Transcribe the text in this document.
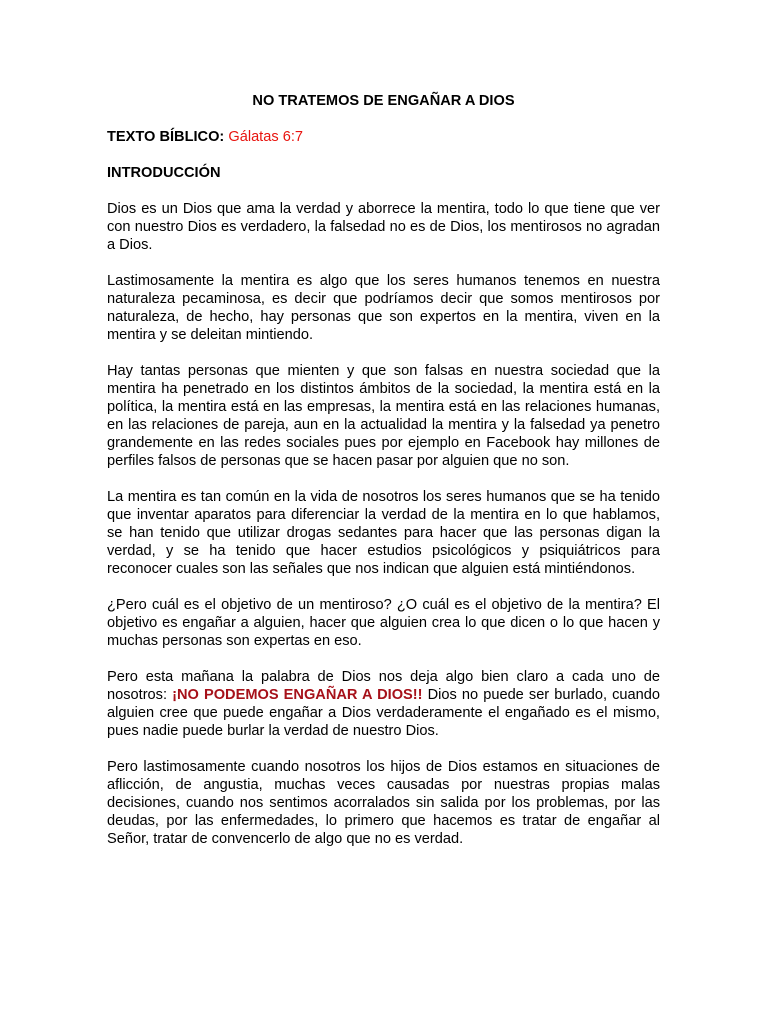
NO TRATEMOS DE ENGAÑAR A DIOS
TEXTO BÍBLICO: Gálatas 6:7
INTRODUCCIÓN

Dios es un Dios que ama la verdad y aborrece la mentira, todo lo que tiene que ver con nuestro Dios es verdadero, la falsedad no es de Dios, los mentirosos no agradan a Dios.

Lastimosamente la mentira es algo que los seres humanos tenemos en nuestra naturaleza pecaminosa, es decir que podríamos decir que somos mentirosos por naturaleza, de hecho, hay personas que son expertos en la mentira, viven en la mentira y se deleitan mintiendo.

Hay tantas personas que mienten y que son falsas en nuestra sociedad que la mentira ha penetrado en los distintos ámbitos de la sociedad, la mentira está en la política, la mentira está en las empresas, la mentira está en las relaciones humanas, en las relaciones de pareja, aun en la actualidad la mentira y la falsedad ya penetro grandemente en las redes sociales pues por ejemplo en Facebook hay millones de perfiles falsos de personas que se hacen pasar por alguien que no son.

La mentira es tan común en la vida de nosotros los seres humanos que se ha tenido que inventar aparatos para diferenciar la verdad de la mentira en lo que hablamos, se han tenido que utilizar drogas sedantes para hacer que las personas digan la verdad, y se ha tenido que hacer estudios psicológicos y psiquiátricos para reconocer cuales son las señales que nos indican que alguien está mintiéndonos.

¿Pero cuál es el objetivo de un mentiroso? ¿O cuál es el objetivo de la mentira? El objetivo es engañar a alguien, hacer que alguien crea lo que dicen o lo que hacen y muchas personas son expertas en eso.

Pero esta mañana la palabra de Dios nos deja algo bien claro a cada uno de nosotros: ¡NO PODEMOS ENGAÑAR A DIOS!! Dios no puede ser burlado, cuando alguien cree que puede engañar a Dios verdaderamente el engañado es el mismo, pues nadie puede burlar la verdad de nuestro Dios.

Pero lastimosamente cuando nosotros los hijos de Dios estamos en situaciones de aflicción, de angustia, muchas veces causadas por nuestras propias malas decisiones, cuando nos sentimos acorralados sin salida por los problemas, por las deudas, por las enfermedades, lo primero que hacemos es tratar de engañar al Señor, tratar de convencerlo de algo que no es verdad.
